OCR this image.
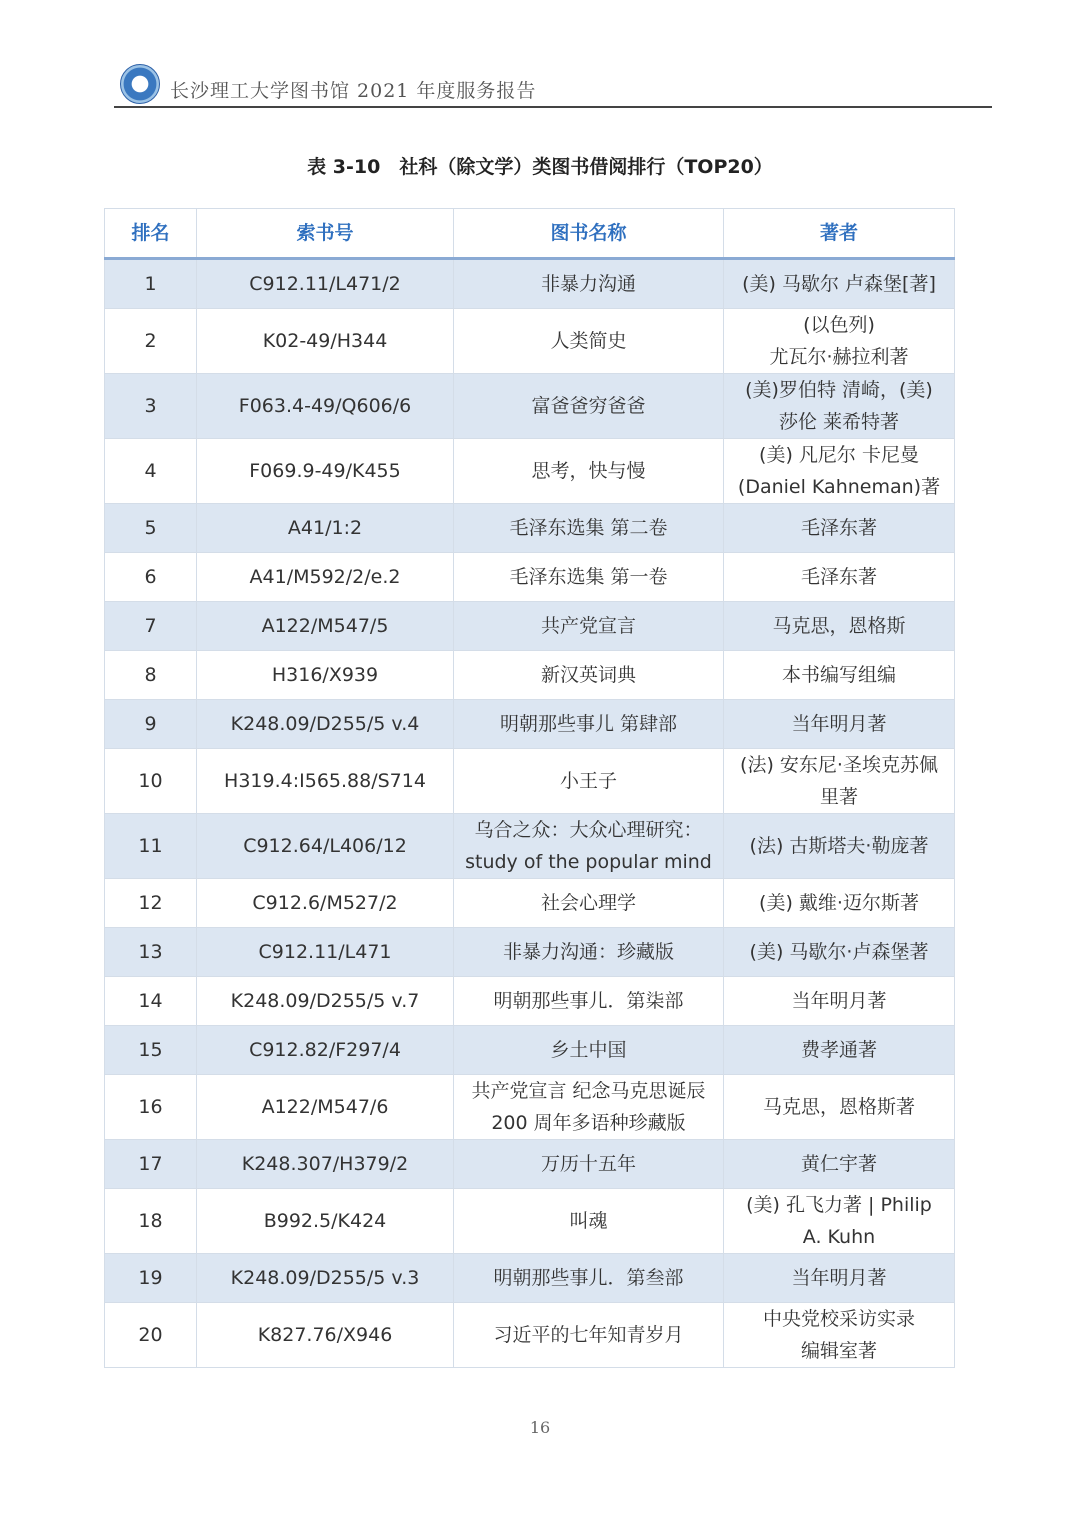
长沙理工大学图书馆 2021 年度服务报告
表 3-10　社科（除文学）类图书借阅排行（TOP20）
排名	索书号	图书名称	著者
1	C912.11/L471/2	非暴力沟通	(美) 马歇尔 卢森堡[著]
2	K02-49/H344	人类简史	(以色列)
尤瓦尔·赫拉利著
3	F063.4-49/Q606/6	富爸爸穷爸爸	(美)罗伯特 清崎，(美)
莎伦 莱希特著
4	F069.9-49/K455	思考，快与慢	(美) 凡尼尔 卡尼曼
(Daniel Kahneman)著
5	A41/1:2	毛泽东选集 第二卷	毛泽东著
6	A41/M592/2/e.2	毛泽东选集 第一卷	毛泽东著
7	A122/M547/5	共产党宣言	马克思，恩格斯
8	H316/X939	新汉英词典	本书编写组编
9	K248.09/D255/5 v.4	明朝那些事儿 第肆部	当年明月著
10	H319.4:I565.88/S714	小王子	(法) 安东尼·圣埃克苏佩
里著
11	C912.64/L406/12	乌合之众：大众心理研究：
study of the popular mind	(法) 古斯塔夫·勒庞著
12	C912.6/M527/2	社会心理学	(美) 戴维·迈尔斯著
13	C912.11/L471	非暴力沟通：珍藏版	(美) 马歇尔·卢森堡著
14	K248.09/D255/5 v.7	明朝那些事儿．第柒部	当年明月著
15	C912.82/F297/4	乡土中国	费孝通著
16	A122/M547/6	共产党宣言 纪念马克思诞辰
200 周年多语种珍藏版	马克思，恩格斯著
17	K248.307/H379/2	万历十五年	黄仁宇著
18	B992.5/K424	叫魂	(美) 孔飞力著 | Philip
A. Kuhn
19	K248.09/D255/5 v.3	明朝那些事儿．第叁部	当年明月著
20	K827.76/X946	习近平的七年知青岁月	中央党校采访实录
编辑室著
16
